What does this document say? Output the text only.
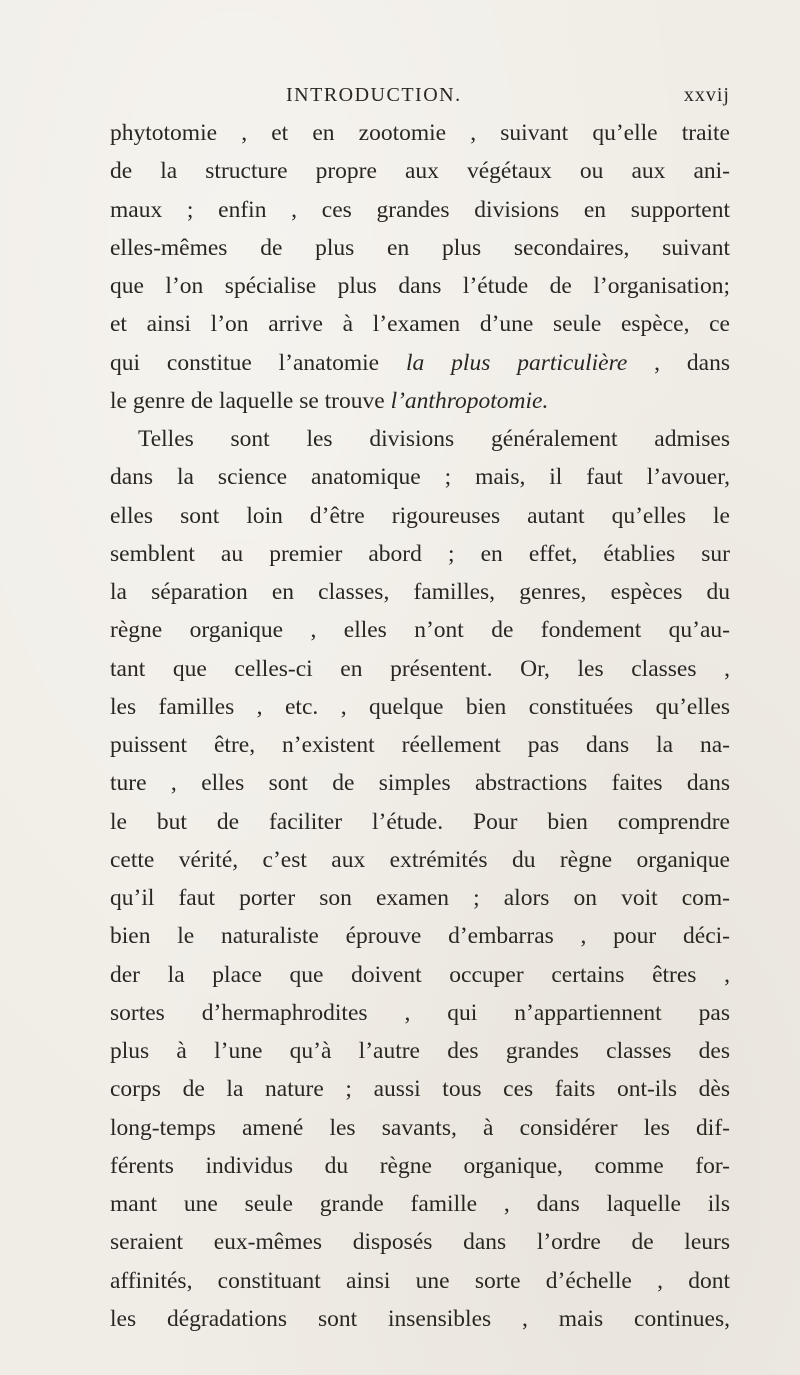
INTRODUCTION.	xxvij
phytotomie , et en zootomie , suivant qu’elle traite
de la structure propre aux végétaux ou aux ani-
maux ; enfin , ces grandes divisions en supportent
elles-mêmes de plus en plus secondaires, suivant
que l’on spécialise plus dans l’étude de l’organisation;
et ainsi l’on arrive à l’examen d’une seule espèce, ce
qui constitue l’anatomie la plus particulière , dans
le genre de laquelle se trouve l’anthropotomie.
Telles sont les divisions généralement admises
dans la science anatomique ; mais, il faut l’avouer,
elles sont loin d’être rigoureuses autant qu’elles le
semblent au premier abord ; en effet, établies sur
la séparation en classes, familles, genres, espèces du
règne organique , elles n’ont de fondement qu’au-
tant que celles-ci en présentent. Or, les classes ,
les familles , etc. , quelque bien constituées qu’elles
puissent être, n’existent réellement pas dans la na-
ture , elles sont de simples abstractions faites dans
le but de faciliter l’étude. Pour bien comprendre
cette vérité, c’est aux extrémités du règne organique
qu’il faut porter son examen ; alors on voit com-
bien le naturaliste éprouve d’embarras , pour déci-
der la place que doivent occuper certains êtres ,
sortes d’hermaphrodites , qui n’appartiennent pas
plus à l’une qu’à l’autre des grandes classes des
corps de la nature ; aussi tous ces faits ont-ils dès
long-temps amené les savants, à considérer les dif-
férents individus du règne organique, comme for-
mant une seule grande famille , dans laquelle ils
seraient eux-mêmes disposés dans l’ordre de leurs
affinités, constituant ainsi une sorte d’échelle , dont
les dégradations sont insensibles , mais continues,
